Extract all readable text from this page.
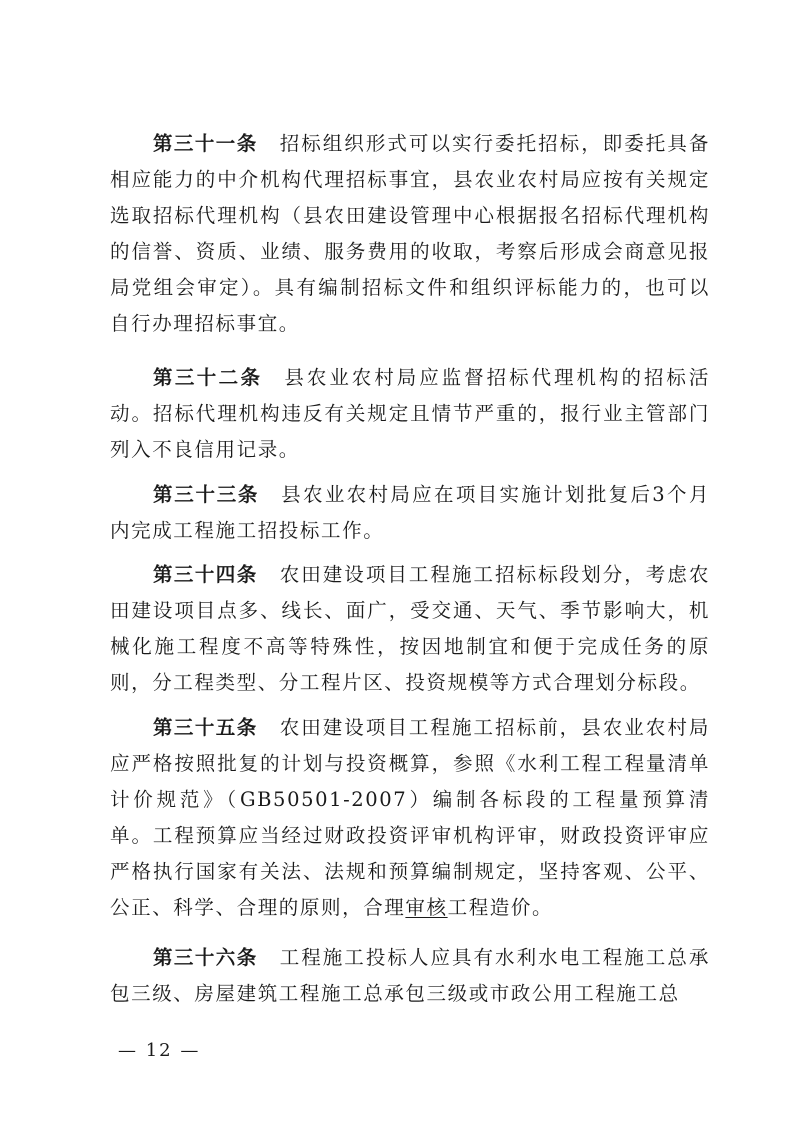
第三十一条 招标组织形式可以实行委托招标，即委托具备相应能力的中介机构代理招标事宜，县农业农村局应按有关规定选取招标代理机构（县农田建设管理中心根据报名招标代理机构的信誉、资质、业绩、服务费用的收取，考察后形成会商意见报局党组会审定）。具有编制招标文件和组织评标能力的，也可以自行办理招标事宜。

第三十二条 县农业农村局应监督招标代理机构的招标活动。招标代理机构违反有关规定且情节严重的，报行业主管部门列入不良信用记录。

第三十三条 县农业农村局应在项目实施计划批复后3个月内完成工程施工招投标工作。

第三十四条 农田建设项目工程施工招标标段划分，考虑农田建设项目点多、线长、面广，受交通、天气、季节影响大，机械化施工程度不高等特殊性，按因地制宜和便于完成任务的原则，分工程类型、分工程片区、投资规模等方式合理划分标段。

第三十五条 农田建设项目工程施工招标前，县农业农村局应严格按照批复的计划与投资概算，参照《水利工程工程量清单计价规范》（GB50501-2007）编制各标段的工程量预算清单。工程预算应当经过财政投资评审机构评审，财政投资评审应严格执行国家有关法、法规和预算编制规定，坚持客观、公平、公正、科学、合理的原则，合理审核工程造价。

第三十六条 工程施工投标人应具有水利水电工程施工总承包三级、房屋建筑工程施工总承包三级或市政公用工程施工总

— 12 —
